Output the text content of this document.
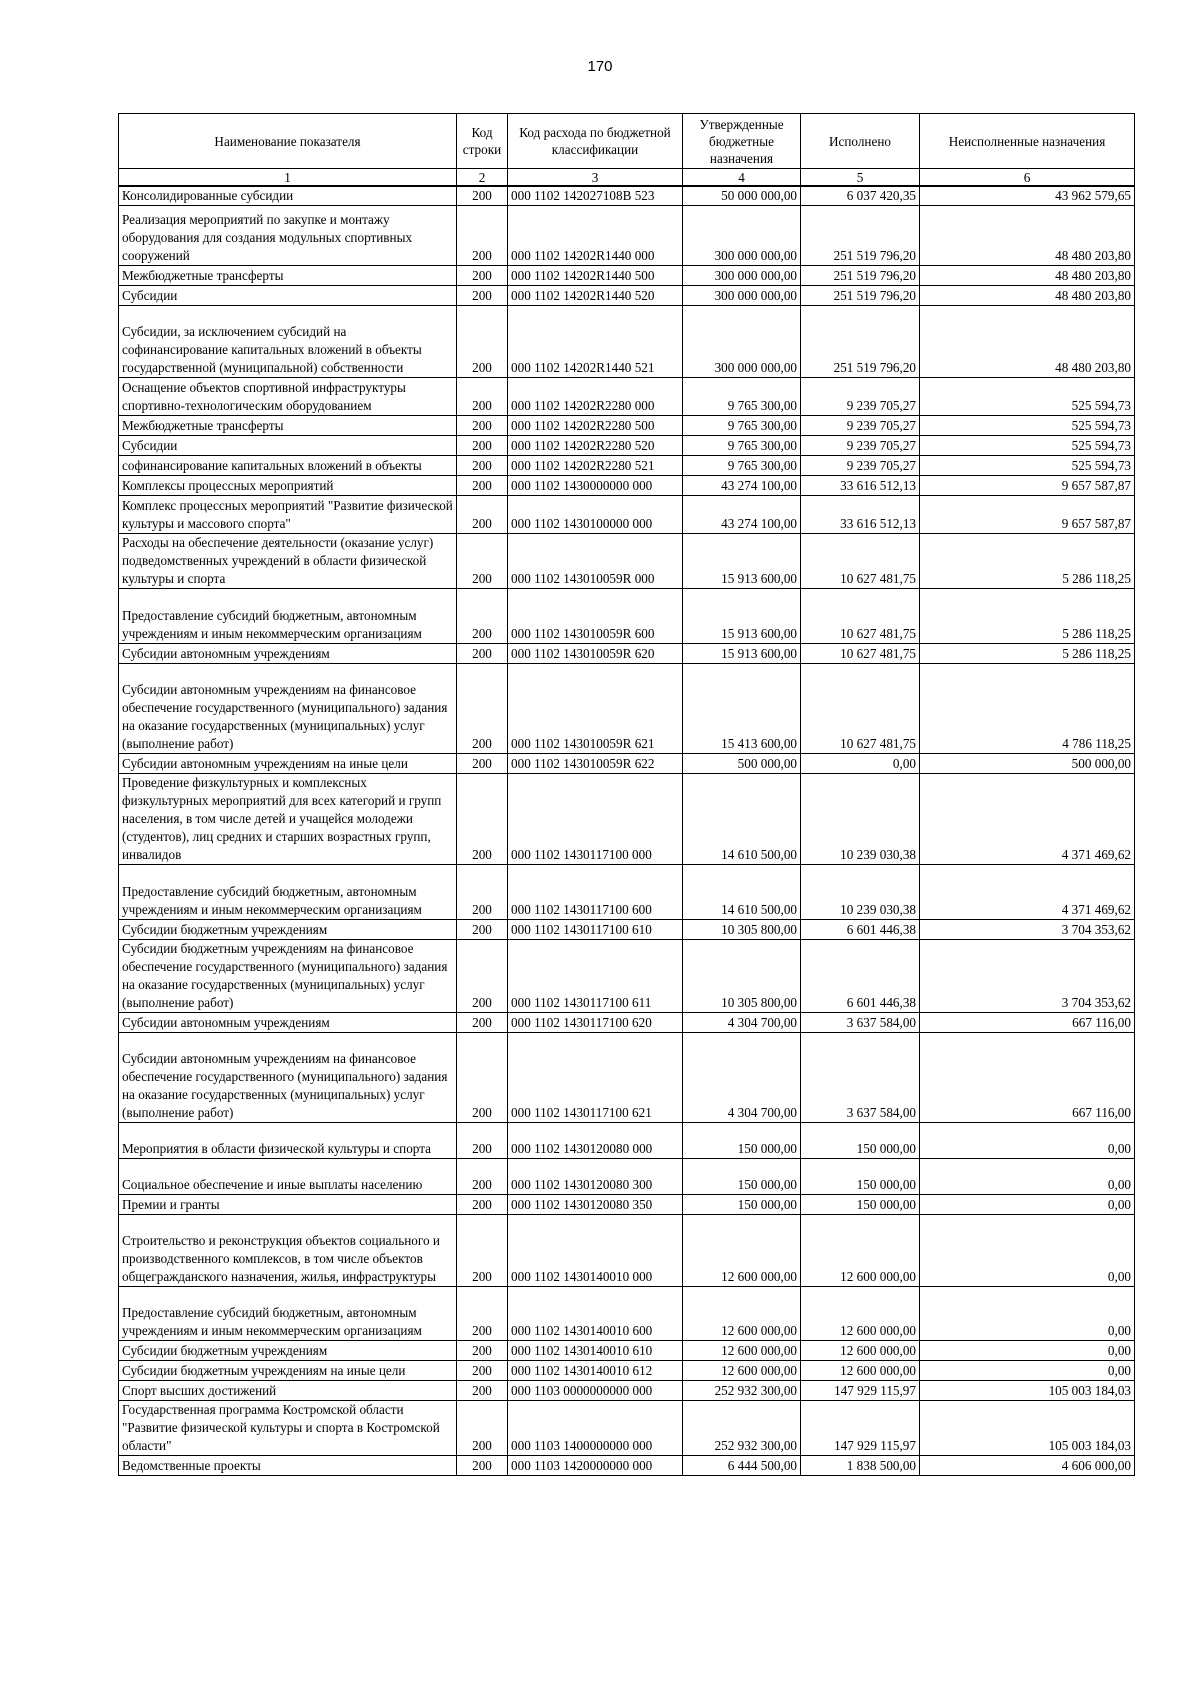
170
Наименование показателя	Код строки	Код расхода по бюджетной классификации	Утвержденные бюджетные назначения	Исполнено	Неисполненные назначения
1	2	3	4	5	6
Консолидированные субсидии	200	000 1102 142027108B 523	50 000 000,00	6 037 420,35	43 962 579,65
Реализация мероприятий по закупке и монтажу оборудования для создания модульных спортивных сооружений	200	000 1102 14202R1440 000	300 000 000,00	251 519 796,20	48 480 203,80
Межбюджетные трансферты	200	000 1102 14202R1440 500	300 000 000,00	251 519 796,20	48 480 203,80
Субсидии	200	000 1102 14202R1440 520	300 000 000,00	251 519 796,20	48 480 203,80
Субсидии, за исключением субсидий на софинансирование капитальных вложений в объекты государственной (муниципальной) собственности	200	000 1102 14202R1440 521	300 000 000,00	251 519 796,20	48 480 203,80
Оснащение объектов спортивной инфраструктуры спортивно-технологическим оборудованием	200	000 1102 14202R2280 000	9 765 300,00	9 239 705,27	525 594,73
Межбюджетные трансферты	200	000 1102 14202R2280 500	9 765 300,00	9 239 705,27	525 594,73
Субсидии	200	000 1102 14202R2280 520	9 765 300,00	9 239 705,27	525 594,73
софинансирование капитальных вложений в объекты	200	000 1102 14202R2280 521	9 765 300,00	9 239 705,27	525 594,73
Комплексы процессных мероприятий	200	000 1102 1430000000 000	43 274 100,00	33 616 512,13	9 657 587,87
Комплекс процессных мероприятий "Развитие физической культуры и массового спорта"	200	000 1102 1430100000 000	43 274 100,00	33 616 512,13	9 657 587,87
Расходы на обеспечение деятельности (оказание услуг) подведомственных учреждений в области физической культуры и спорта	200	000 1102 143010059R 000	15 913 600,00	10 627 481,75	5 286 118,25
Предоставление субсидий бюджетным, автономным учреждениям и иным некоммерческим организациям	200	000 1102 143010059R 600	15 913 600,00	10 627 481,75	5 286 118,25
Субсидии автономным учреждениям	200	000 1102 143010059R 620	15 913 600,00	10 627 481,75	5 286 118,25
Субсидии автономным учреждениям на финансовое обеспечение государственного (муниципального) задания на оказание государственных (муниципальных) услуг (выполнение работ)	200	000 1102 143010059R 621	15 413 600,00	10 627 481,75	4 786 118,25
Субсидии автономным учреждениям на иные цели	200	000 1102 143010059R 622	500 000,00	0,00	500 000,00
Проведение физкультурных и комплексных физкультурных мероприятий для всех категорий и групп населения, в том числе детей и учащейся молодежи (студентов), лиц средних и старших возрастных групп, инвалидов	200	000 1102 1430117100 000	14 610 500,00	10 239 030,38	4 371 469,62
Предоставление субсидий бюджетным, автономным учреждениям и иным некоммерческим организациям	200	000 1102 1430117100 600	14 610 500,00	10 239 030,38	4 371 469,62
Субсидии бюджетным учреждениям	200	000 1102 1430117100 610	10 305 800,00	6 601 446,38	3 704 353,62
Субсидии бюджетным учреждениям на финансовое обеспечение государственного (муниципального) задания на оказание государственных (муниципальных) услуг (выполнение работ)	200	000 1102 1430117100 611	10 305 800,00	6 601 446,38	3 704 353,62
Субсидии автономным учреждениям	200	000 1102 1430117100 620	4 304 700,00	3 637 584,00	667 116,00
Субсидии автономным учреждениям на финансовое обеспечение государственного (муниципального) задания на оказание государственных (муниципальных) услуг (выполнение работ)	200	000 1102 1430117100 621	4 304 700,00	3 637 584,00	667 116,00
Мероприятия в области физической культуры и спорта	200	000 1102 1430120080 000	150 000,00	150 000,00	0,00
Социальное обеспечение и иные выплаты населению	200	000 1102 1430120080 300	150 000,00	150 000,00	0,00
Премии и гранты	200	000 1102 1430120080 350	150 000,00	150 000,00	0,00
Строительство и реконструкция объектов социального и производственного комплексов, в том числе объектов общегражданского назначения, жилья, инфраструктуры	200	000 1102 1430140010 000	12 600 000,00	12 600 000,00	0,00
Предоставление субсидий бюджетным, автономным учреждениям и иным некоммерческим организациям	200	000 1102 1430140010 600	12 600 000,00	12 600 000,00	0,00
Субсидии бюджетным учреждениям	200	000 1102 1430140010 610	12 600 000,00	12 600 000,00	0,00
Субсидии бюджетным учреждениям на иные цели	200	000 1102 1430140010 612	12 600 000,00	12 600 000,00	0,00
Спорт высших достижений	200	000 1103 0000000000 000	252 932 300,00	147 929 115,97	105 003 184,03
Государственная программа Костромской области "Развитие физической культуры и спорта в Костромской области"	200	000 1103 1400000000 000	252 932 300,00	147 929 115,97	105 003 184,03
Ведомственные проекты	200	000 1103 1420000000 000	6 444 500,00	1 838 500,00	4 606 000,00
